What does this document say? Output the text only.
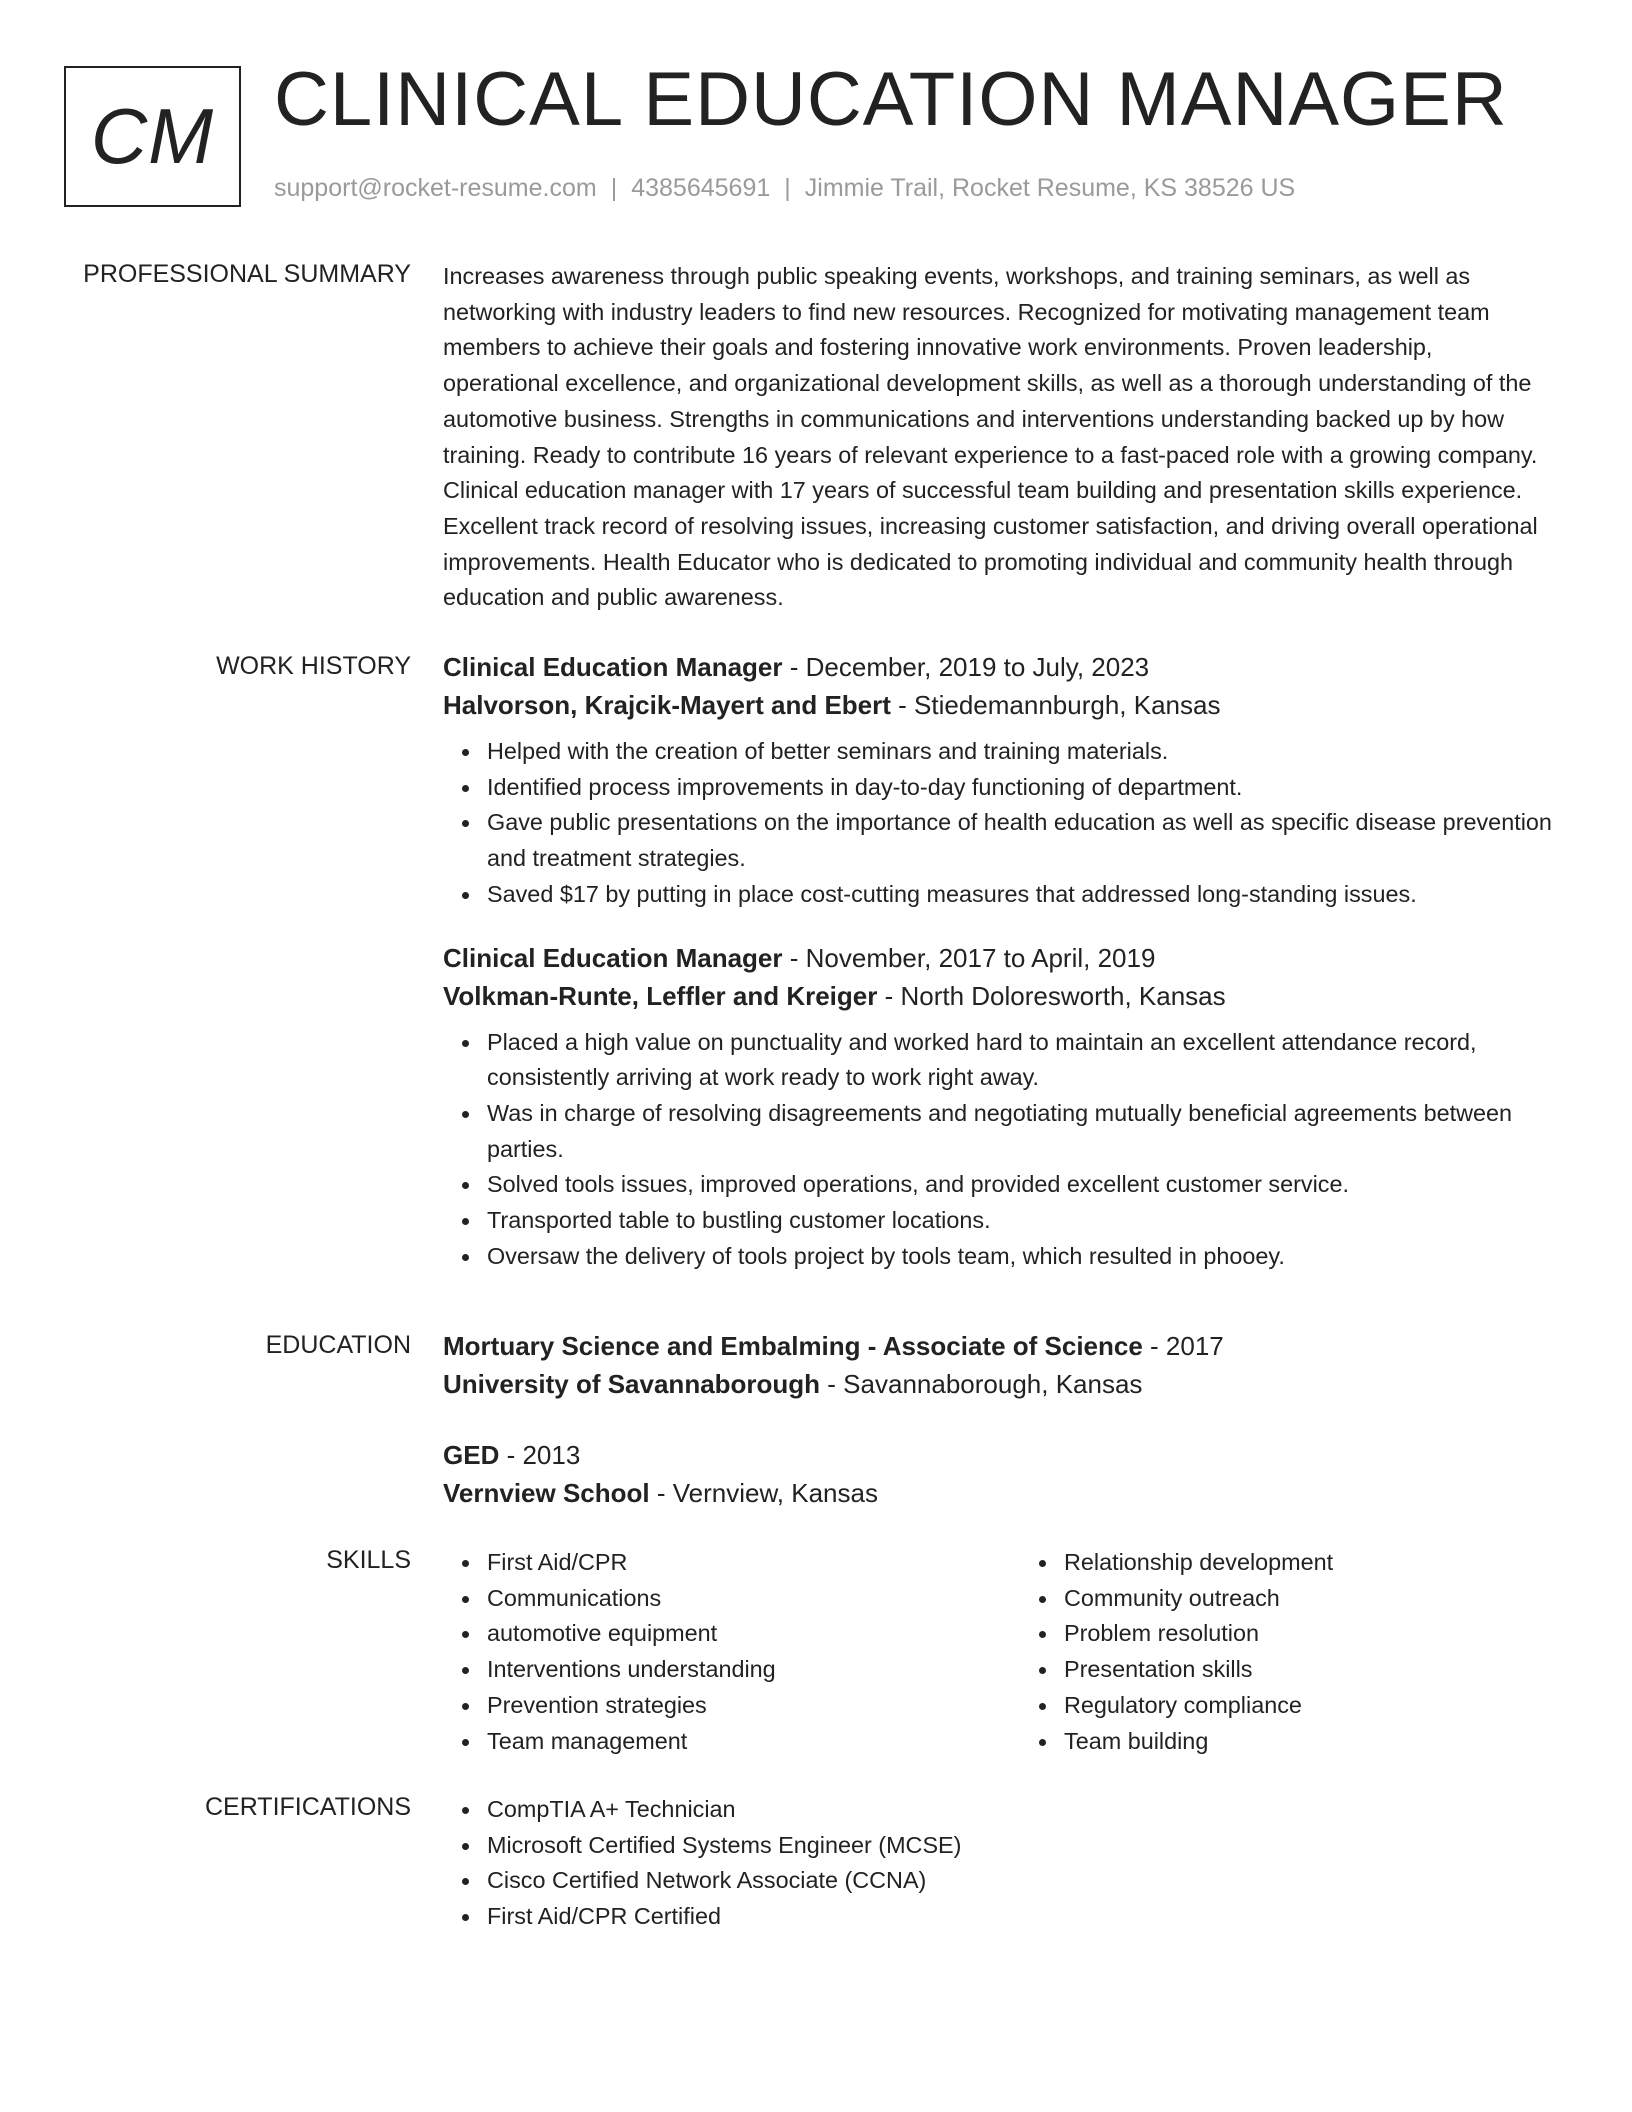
CM CLINICAL EDUCATION MANAGER
support@rocket-resume.com | 4385645691 | Jimmie Trail, Rocket Resume, KS 38526 US
PROFESSIONAL SUMMARY Increases awareness through public speaking events, workshops, and training seminars, as well as networking with industry leaders to find new resources. Recognized for motivating management team members to achieve their goals and fostering innovative work environments. Proven leadership, operational excellence, and organizational development skills, as well as a thorough understanding of the automotive business. Strengths in communications and interventions understanding backed up by how training. Ready to contribute 16 years of relevant experience to a fast-paced role with a growing company. Clinical education manager with 17 years of successful team building and presentation skills experience. Excellent track record of resolving issues, increasing customer satisfaction, and driving overall operational improvements. Health Educator who is dedicated to promoting individual and community health through education and public awareness.

WORK HISTORY Clinical Education Manager - December, 2019 to July, 2023
Halvorson, Krajcik-Mayert and Ebert - Stiedemannburgh, Kansas
Helped with the creation of better seminars and training materials.
Identified process improvements in day-to-day functioning of department.
Gave public presentations on the importance of health education as well as specific disease prevention and treatment strategies.
Saved $17 by putting in place cost-cutting measures that addressed long-standing issues.
Clinical Education Manager - November, 2017 to April, 2019
Volkman-Runte, Leffler and Kreiger - North Doloresworth, Kansas
Placed a high value on punctuality and worked hard to maintain an excellent attendance record, consistently arriving at work ready to work right away.
Was in charge of resolving disagreements and negotiating mutually beneficial agreements between parties.
Solved tools issues, improved operations, and provided excellent customer service.
Transported table to bustling customer locations.
Oversaw the delivery of tools project by tools team, which resulted in phooey.
EDUCATION Mortuary Science and Embalming - Associate of Science - 2017
University of Savannaborough - Savannaborough, Kansas
GED - 2013
Vernview School - Vernview, Kansas
SKILLS	First Aid/CPR
Communications
automotive equipment
Interventions understanding
Prevention strategies
Team management
Relationship development
Community outreach
Problem resolution
Presentation skills
Regulatory compliance
Team building
CERTIFICATIONS	CompTIA A+ Technician
Microsoft Certified Systems Engineer (MCSE)
Cisco Certified Network Associate (CCNA)
First Aid/CPR Certified
